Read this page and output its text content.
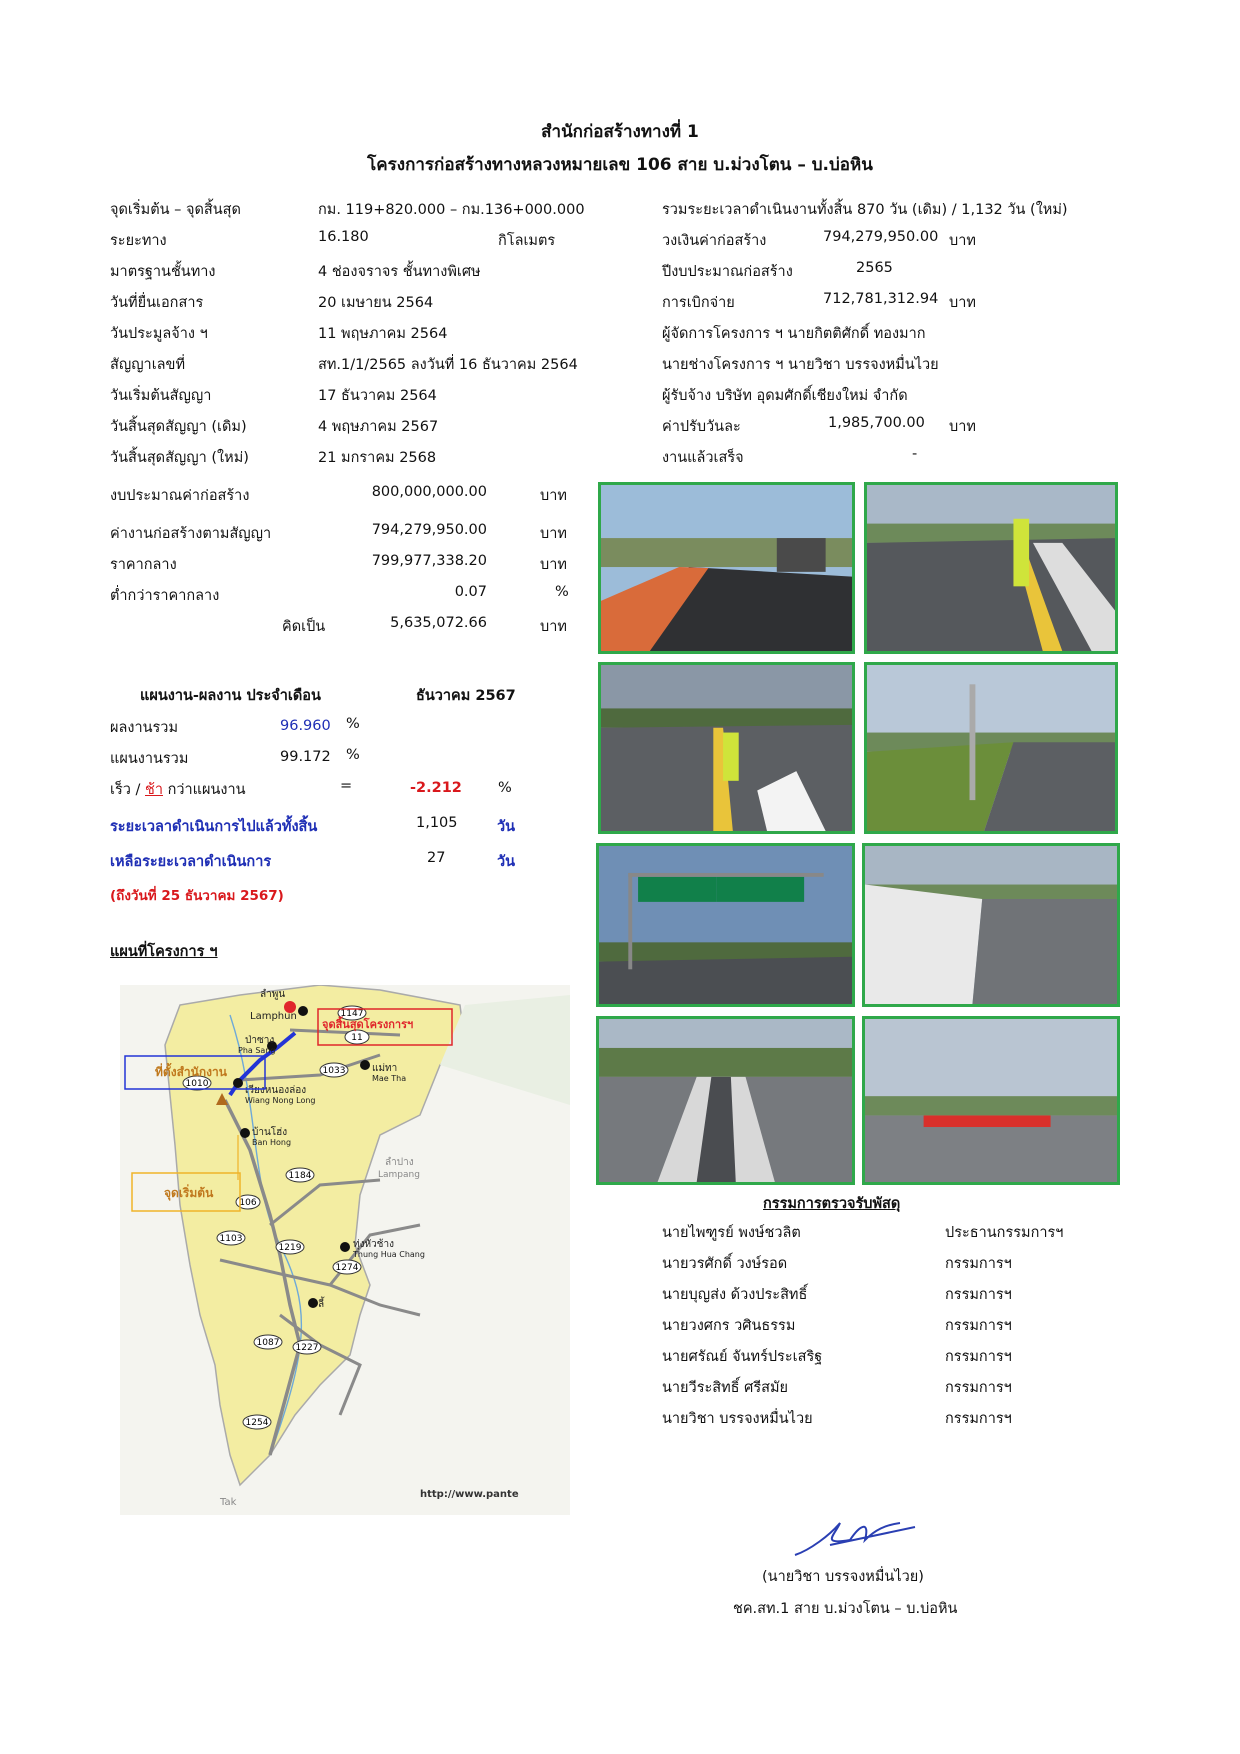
สำนักก่อสร้างทางที่ 1
โครงการก่อสร้างทางหลวงหมายเลข 106 สาย บ.ม่วงโตน – บ.บ่อหิน
จุดเริ่มต้น – จุดสิ้นสุด	กม. 119+820.000 – กม.136+000.000
ระยะทาง	16.180	กิโลเมตร
มาตรฐานชั้นทาง	4 ช่องจราจร ชั้นทางพิเศษ
วันที่ยื่นเอกสาร	20 เมษายน 2564
วันประมูลจ้าง ฯ	11 พฤษภาคม 2564
สัญญาเลขที่	สท.1/1/2565 ลงวันที่ 16 ธันวาคม 2564
วันเริ่มต้นสัญญา	17 ธันวาคม 2564
วันสิ้นสุดสัญญา (เดิม)	4 พฤษภาคม 2567
วันสิ้นสุดสัญญา (ใหม่)	21 มกราคม 2568
รวมระยะเวลาดำเนินงานทั้งสิ้น 870 วัน (เดิม) / 1,132 วัน (ใหม่)
วงเงินค่าก่อสร้าง	794,279,950.00 บาท
ปีงบประมาณก่อสร้าง	2565
การเบิกจ่าย	712,781,312.94 บาท
ผู้จัดการโครงการ ฯ นายกิตติศักดิ์ ทองมาก
นายช่างโครงการ ฯ นายวิชา บรรจงหมื่นไวย
ผู้รับจ้าง บริษัท อุดมศักดิ์เชียงใหม่ จำกัด
ค่าปรับวันละ	1,985,700.00 บาท
งานแล้วเสร็จ	-
งบประมาณค่าก่อสร้าง	800,000,000.00	บาท
ค่างานก่อสร้างตามสัญญา	794,279,950.00	บาท
ราคากลาง	799,977,338.20	บาท
ต่ำกว่าราคากลาง	0.07	%
คิดเป็น	5,635,072.66	บาท
แผนงาน-ผลงาน ประจำเดือน	ธันวาคม 2567
ผลงานรวม	96.960 %
แผนงานรวม	99.172 %
เร็ว / ช้า กว่าแผนงาน	=	-2.212 %
ระยะเวลาดำเนินการไปแล้วทั้งสิ้น	1,105	วัน
เหลือระยะเวลาดำเนินการ	27	วัน
(ถึงวันที่ 25 ธันวาคม 2567)
แผนที่โครงการ ฯ
1147
11
1010
1033
1184
106
1103
1219
1274
1087 1227
1254
ลำพูน
Lamphun
ป่าซาง
Pha Sang
เวียงหนองล่อง
Wiang Nong Long
แม่ทา
Mae Tha
บ้านโฮ่ง
Ban Hong
ลำปาง
Lampang
ทุ่งหัวช้าง
Thung Hua Chang
ลี้
Tak
http://www.pante
จุดสิ้นสุดโครงการฯ
ที่ตั้งสำนักงาน
จุดเริ่มต้น
กรรมการตรวจรับพัสดุ
นายไพฑูรย์ พงษ์ชวลิต	ประธานกรรมการฯ
นายวรศักดิ์ วงษ์รอด	กรรมการฯ
นายบุญส่ง ด้วงประสิทธิ์	กรรมการฯ
นายวงศกร วศินธรรม	กรรมการฯ
นายศรัณย์ จันทร์ประเสริฐ	กรรมการฯ
นายวีระสิทธิ์ ศรีสมัย	กรรมการฯ
นายวิชา บรรจงหมื่นไวย	กรรมการฯ
(นายวิชา บรรจงหมื่นไวย)
ชค.สท.1 สาย บ.ม่วงโตน – บ.บ่อหิน
